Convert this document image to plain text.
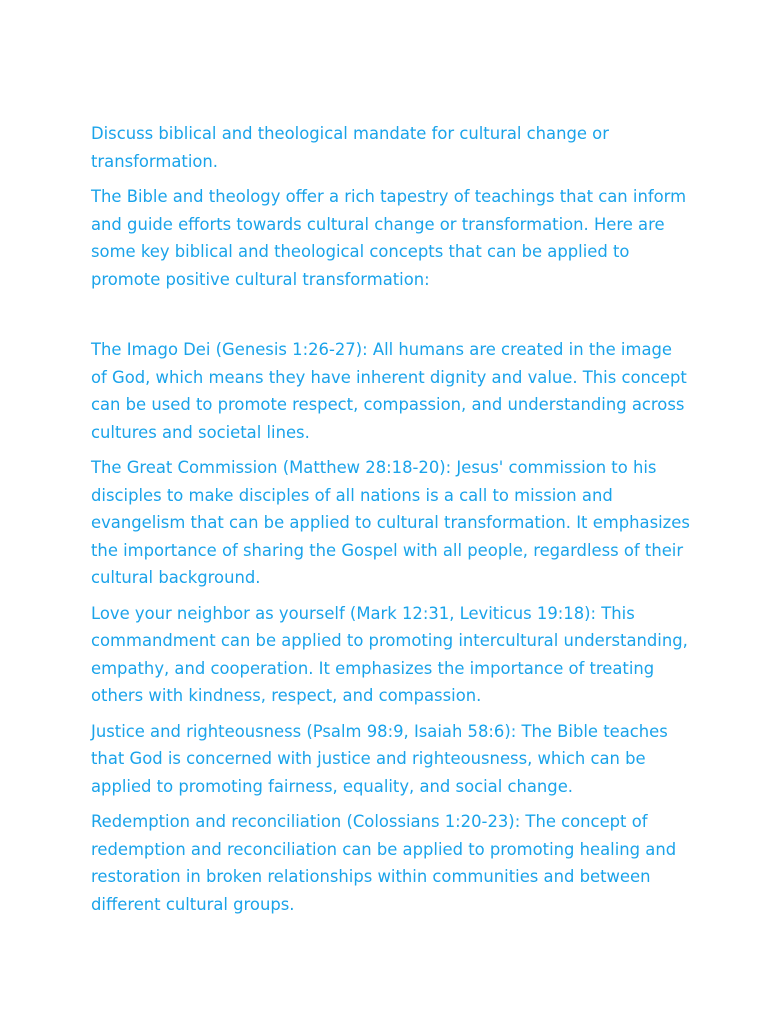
Discuss biblical and theological mandate for cultural change or transformation.

The Bible and theology offer a rich tapestry of teachings that can inform and guide efforts towards cultural change or transformation. Here are some key biblical and theological concepts that can be applied to promote positive cultural transformation:

The Imago Dei (Genesis 1:26-27): All humans are created in the image of God, which means they have inherent dignity and value. This concept can be used to promote respect, compassion, and understanding across cultures and societal lines.

The Great Commission (Matthew 28:18-20): Jesus' commission to his disciples to make disciples of all nations is a call to mission and evangelism that can be applied to cultural transformation. It emphasizes the importance of sharing the Gospel with all people, regardless of their cultural background.

Love your neighbor as yourself (Mark 12:31, Leviticus 19:18): This commandment can be applied to promoting intercultural understanding, empathy, and cooperation. It emphasizes the importance of treating others with kindness, respect, and compassion.

Justice and righteousness (Psalm 98:9, Isaiah 58:6): The Bible teaches that God is concerned with justice and righteousness, which can be applied to promoting fairness, equality, and social change.

Redemption and reconciliation (Colossians 1:20-23): The concept of redemption and reconciliation can be applied to promoting healing and restoration in broken relationships within communities and between different cultural groups.
